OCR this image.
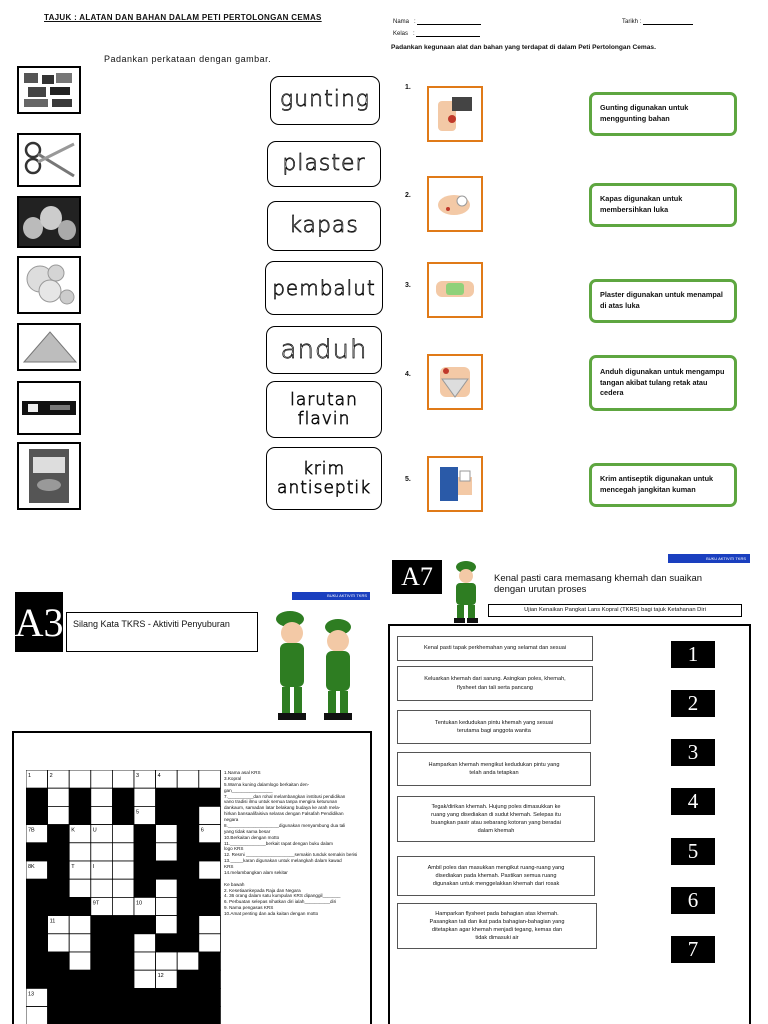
TAJUK : ALATAN DAN BAHAN DALAM PETI PERTOLONGAN CEMAS
Padankan perkataan dengan gambar.
gunting
plaster
kapas
pembalut
anduh
larutan
flavin
krim
antiseptik
Nama :
Kelas :
Tarikh :
Padankan kegunaan alat dan bahan yang terdapat di dalam Peti Pertolongan Cemas.
1.
2.
3.
4.
5.
Gunting digunakan untuk menggunting bahan
Kapas digunakan untuk membersihkan luka
Plaster digunakan untuk menampal di atas luka
Anduh digunakan untuk mengampu tangan akibat tulang retak atau cedera
Krim antiseptik digunakan untuk mencegah jangkitan kuman
A3
BUKU AKTIVITI TKRS
Silang Kata TKRS - Aktiviti Penyuburan
1	2	3	4
5
7B	K	U	6
8K	T	I
9T	10
11
12
13
1.Nama asal KRS
3.Kopral
5.Warna kuning dalamlogo berkaitan den-
gan________________
7.__________dan rohal melambangkan institusi pendidikan
vano tradisi ilmu untuk semua tanpa mengira keturunan
dankaum, samadan latar belakang budaya ke arah mela-
hirkan bansaalifaisiva selaras dengan Falsafah Pendidikan
negara
8.____________________digunakan menyambung dua tali
yang tidak sama besar
10.Berkaitan dengan motto
11.______________berkait rapat dengan buku dalam
logo KRS
12. Resmi ___________________semakin tunduk semakin berisi
13._____karan digunakan untuk melangkah dalam kawad
KRS
14.melambangkan alam sekitar

Ke bawah
2. Kesetiaankepada Raja dan Negara
4. 36 orang dalam satu kumpulan KRS dipanggil_______
6. Perbuatan selepas nihatkan diri ialah__________diri
9. Nama pengasas KRS
10.Amat penting dan ada kaitan dengan motto
BUKU AKTIVITI TKRS
A7	Kenal pasti cara memasang khemah dan suaikan dengan urutan proses
Ujian Kenaikan Pangkat Lans Kopral (TKRS) bagi tajuk Ketahanan Diri
Kenal pasti tapak perkhemahan yang selamat dan sesuai
Keluarkan khemah dari sarung. Asingkan poles, khemah,
flysheet dan tali serta pancang
Tentukan kedudukan pintu khemah yang sesuai
terutama bagi anggota wanita
Hamparkan khemah mengikut kedudukan pintu yang
telah anda tetapkan
Tegak/dirikan khemah. Hujung poles dimasukkan ke
ruang yang disediakan di sudut khemah. Selepas itu
buangkan pasir atau sebarang kotoran yang beradai
dalam khemah
Ambil poles dan masukkan mengikut ruang-ruang yang
disediakan pada khemah. Pastikan semua ruang
digunakan untuk menggelakkan khemah dari rosak
Hamparkan flysheet pada bahagian atas khemah.
Pasangkan tali dan ikat pada bahagian-bahagian yang
ditetapkan agar khemah menjadi tegang, kemas dan
tidak dimasuki air
1
2
3
4
5
6
7
